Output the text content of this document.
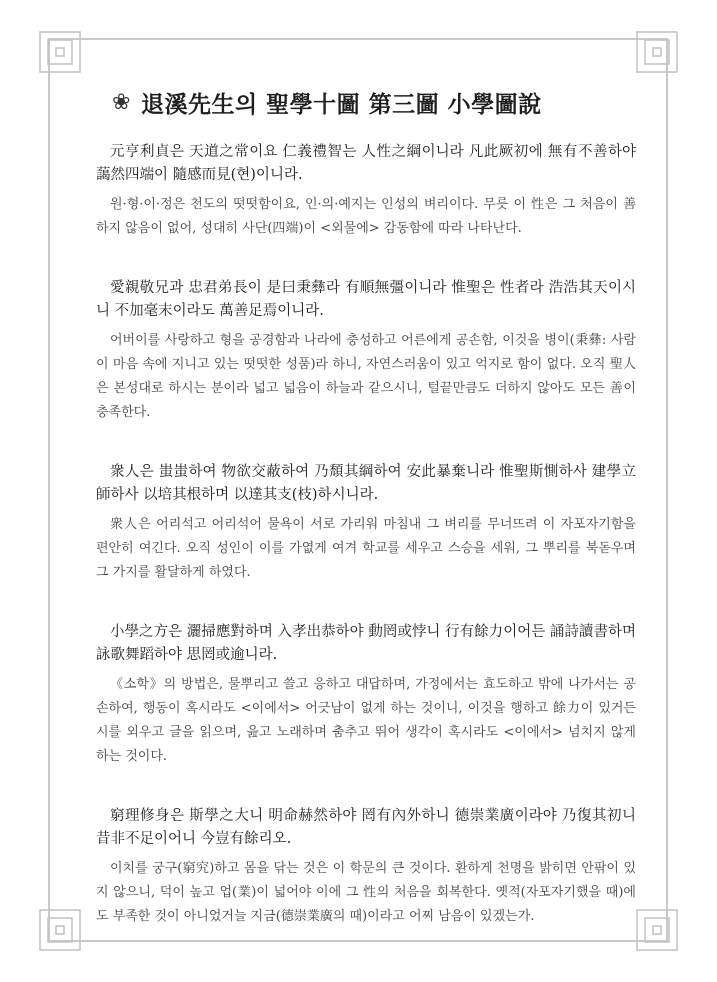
❀ 退溪先生의 聖學十圖 第三圖 小學圖說

元亨利貞은 天道之常이요 仁義禮智는 人性之綱이니라 凡此厥初에 無有不善하야 藹然四端이 隨感而見(현)이니라.

원·형·이·정은 천도의 떳떳함이요, 인·의·예지는 인성의 벼리이다. 무릇 이 性은 그 처음이 善하지 않음이 없어, 성대히 사단(四端)이 <외물에> 감동함에 따라 나타난다.

愛親敬兄과 忠君弟長이 是曰秉彝라 有順無彊이니라 惟聖은 性者라 浩浩其天이시니 不加毫末이라도 萬善足焉이니라.

어버이를 사랑하고 형을 공경함과 나라에 충성하고 어른에게 공손함, 이것을 병이(秉彝: 사람이 마음 속에 지니고 있는 떳떳한 성품)라 하니, 자연스러움이 있고 억지로 함이 없다. 오직 聖人은 본성대로 하시는 분이라 넓고 넓음이 하늘과 같으시니, 털끝만큼도 더하지 않아도 모든 善이 충족한다.

衆人은 蚩蚩하여 物欲交蔽하여 乃頹其綱하여 安此暴棄니라 惟聖斯惻하사 建學立師하사 以培其根하며 以達其支(枝)하시니라.

衆人은 어리석고 어리석어 물욕이 서로 가리워 마침내 그 벼리를 무너뜨려 이 자포자기함을 편안히 여긴다. 오직 성인이 이를 가엾게 여겨 학교를 세우고 스승을 세워, 그 뿌리를 북돋우며 그 가지를 활달하게 하였다.

小學之方은 灑掃應對하며 入孝出恭하야 動罔或悖니 行有餘力이어든 誦詩讀書하며 詠歌舞蹈하야 思罔或逾니라.

《소학》의 방법은, 물뿌리고 쓸고 응하고 대답하며, 가정에서는 효도하고 밖에 나가서는 공손하여, 행동이 혹시라도 <이에서> 어긋남이 없게 하는 것이니, 이것을 행하고 餘力이 있거든 시를 외우고 글을 읽으며, 읊고 노래하며 춤추고 뛰어 생각이 혹시라도 <이에서> 넘치지 않게 하는 것이다.

窮理修身은 斯學之大니 明命赫然하야 罔有內外하니 德崇業廣이라야 乃復其初니 昔非不足이어니 今豈有餘리오.

이치를 궁구(窮究)하고 몸을 닦는 것은 이 학문의 큰 것이다. 환하게 천명을 밝히면 안팎이 있지 않으니, 덕이 높고 업(業)이 넓어야 이에 그 性의 처음을 회복한다. 옛적(자포자기했을 때)에도 부족한 것이 아니었거늘 지금(德崇業廣의 때)이라고 어찌 남음이 있겠는가.
